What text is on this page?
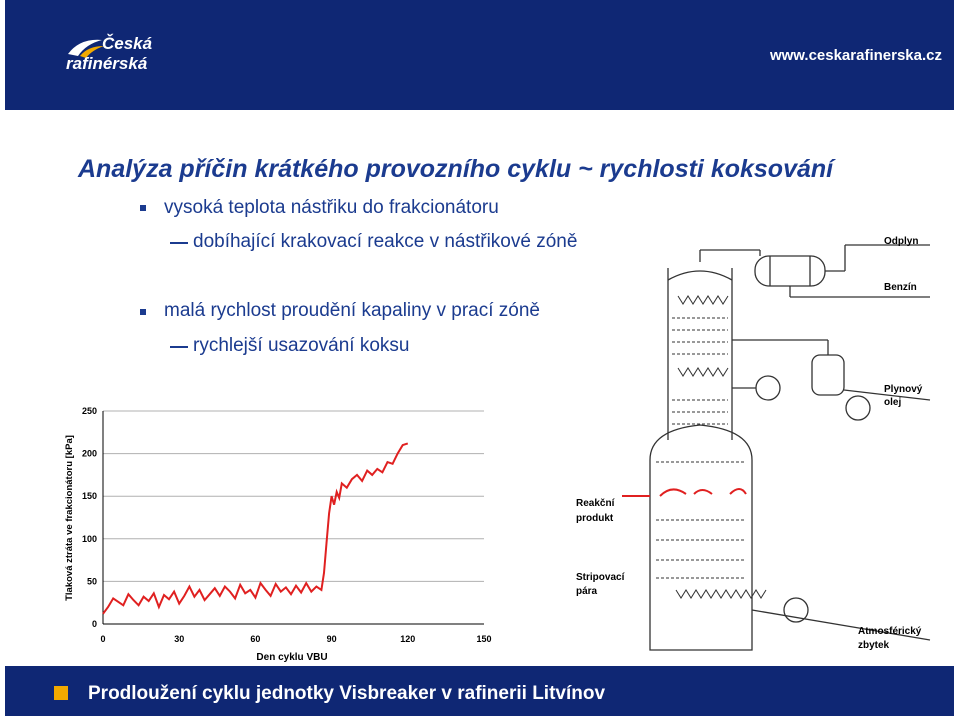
Česká
rafinérská	www.ceskarafinerska.cz
Analýza příčin krátkého provozního cyklu ~ rychlosti koksování
vysoká teplota nástřiku do frakcionátoru
dobíhající krakovací reakce v nástřikové zóně
malá rychlost proudění kapaliny v prací zóně
rychlejší usazování koksu
0
50
100
150
200
250
0	30	60	90	120	150
Den cyklu VBU
Tlaková ztráta ve frakcionátoru [kPa]
Odplyn
Benzín
Plynový
olej
Reakční
produkt
Stripovací
pára
Atmosférický
zbytek
Prodloužení cyklu jednotky Visbreaker v rafinerii Litvínov
